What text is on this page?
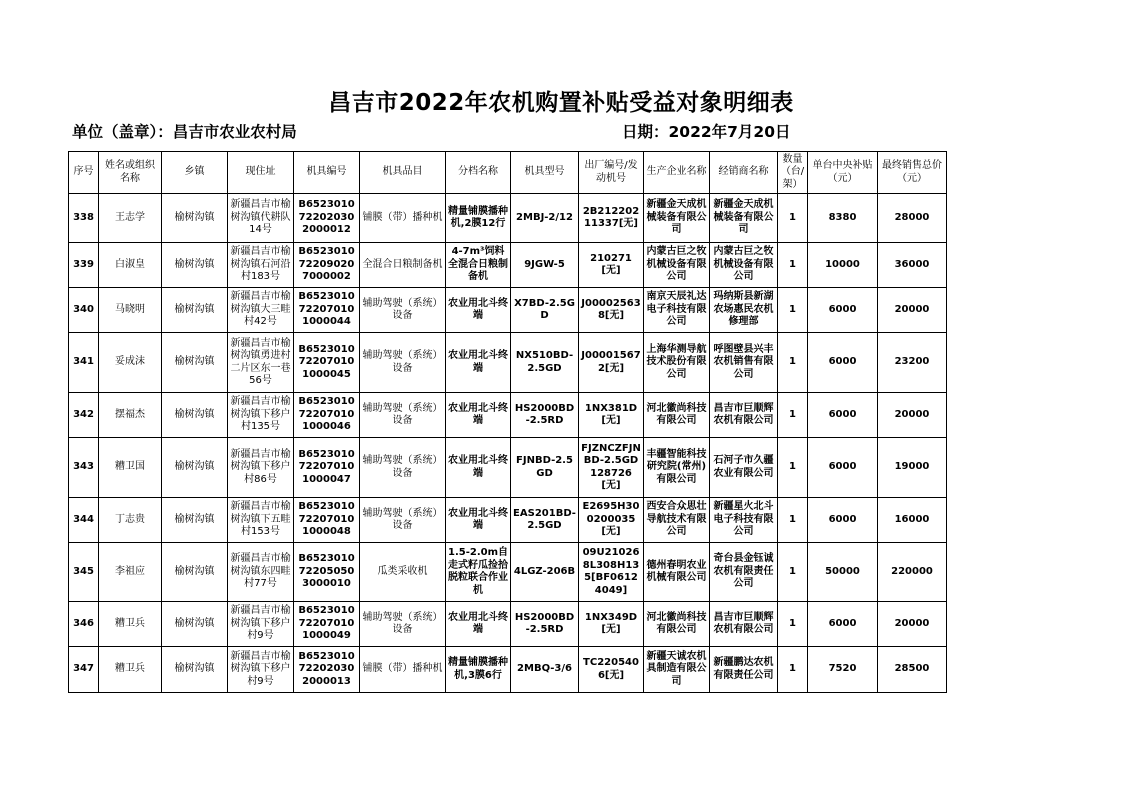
昌吉市2022年农机购置补贴受益对象明细表
单位（盖章）：昌吉市农业农村局	日期：2022年7月20日
序号	姓名或组织名称	乡镇	现住址	机具编号	机具品目	分档名称	机具型号	出厂编号/发动机号	生产企业名称	经销商名称	数量（台/架）	单台中央补贴（元）	最终销售总价（元）
338	王志学	榆树沟镇	新疆昌吉市榆树沟镇代耕队14号	B6523010722020302000012	铺膜（带）播种机	精量铺膜播种机,2膜12行	2MBJ-2/12	2B21220211337[无]	新疆金天成机械装备有限公司	新疆金天成机械装备有限公司	1	8380	28000
339	白淑皇	榆树沟镇	新疆昌吉市榆树沟镇石河沿村183号	B6523010722090207000002	全混合日粮制备机	4-7m³饲料全混合日粮制备机	9JGW-5	210271[无]	内蒙古巨之牧机械设备有限公司	内蒙古巨之牧机械设备有限公司	1	10000	36000
340	马晓明	榆树沟镇	新疆昌吉市榆树沟镇大三畦村42号	B6523010722070101000044	辅助驾驶（系统）设备	农业用北斗终端	X7BD-2.5GD	J000025638[无]	南京天辰礼达电子科技有限公司	玛纳斯县新湖农场惠民农机修理部	1	6000	20000
341	妥成沫	榆树沟镇	新疆昌吉市榆树沟镇勇进村二片区东一巷56号	B6523010722070101000045	辅助驾驶（系统）设备	农业用北斗终端	NX510BD-2.5GD	J000015672[无]	上海华测导航技术股份有限公司	呼图壁县兴丰农机销售有限公司	1	6000	23200
342	摆福杰	榆树沟镇	新疆昌吉市榆树沟镇下移户村135号	B6523010722070101000046	辅助驾驶（系统）设备	农业用北斗终端	HS2000BD-2.5RD	1NX381D[无]	河北徽尚科技有限公司	昌吉市巨顺辉农机有限公司	1	6000	20000
343	糟卫国	榆树沟镇	新疆昌吉市榆树沟镇下移户村86号	B6523010722070101000047	辅助驾驶（系统）设备	农业用北斗终端	FJNBD-2.5GD	FJZNCZFJNBD-2.5GD128726[无]	丰疆智能科技研究院(常州)有限公司	石河子市久疆农业有限公司	1	6000	19000
344	丁志贵	榆树沟镇	新疆昌吉市榆树沟镇下五畦村153号	B6523010722070101000048	辅助驾驶（系统）设备	农业用北斗终端	EAS201BD-2.5GD	E2695H300200035[无]	西安合众思壮导航技术有限公司	新疆星火北斗电子科技有限公司	1	6000	16000
345	李祖应	榆树沟镇	新疆昌吉市榆树沟镇东四畦村77号	B6523010722050503000010	瓜类采收机	1.5-2.0m自走式籽瓜捡拾脱粒联合作业机	4LGZ-206B	09U210268L308H135[BF06124049]	德州春明农业机械有限公司	奇台县金钰诚农机有限责任公司	1	50000	220000
346	糟卫兵	榆树沟镇	新疆昌吉市榆树沟镇下移户村9号	B6523010722070101000049	辅助驾驶（系统）设备	农业用北斗终端	HS2000BD-2.5RD	1NX349D[无]	河北徽尚科技有限公司	昌吉市巨顺辉农机有限公司	1	6000	20000
347	糟卫兵	榆树沟镇	新疆昌吉市榆树沟镇下移户村9号	B6523010722020302000013	铺膜（带）播种机	精量铺膜播种机,3膜6行	2MBQ-3/6	TC2205406[无]	新疆天诚农机具制造有限公司	新疆鹏达农机有限责任公司	1	7520	28500
